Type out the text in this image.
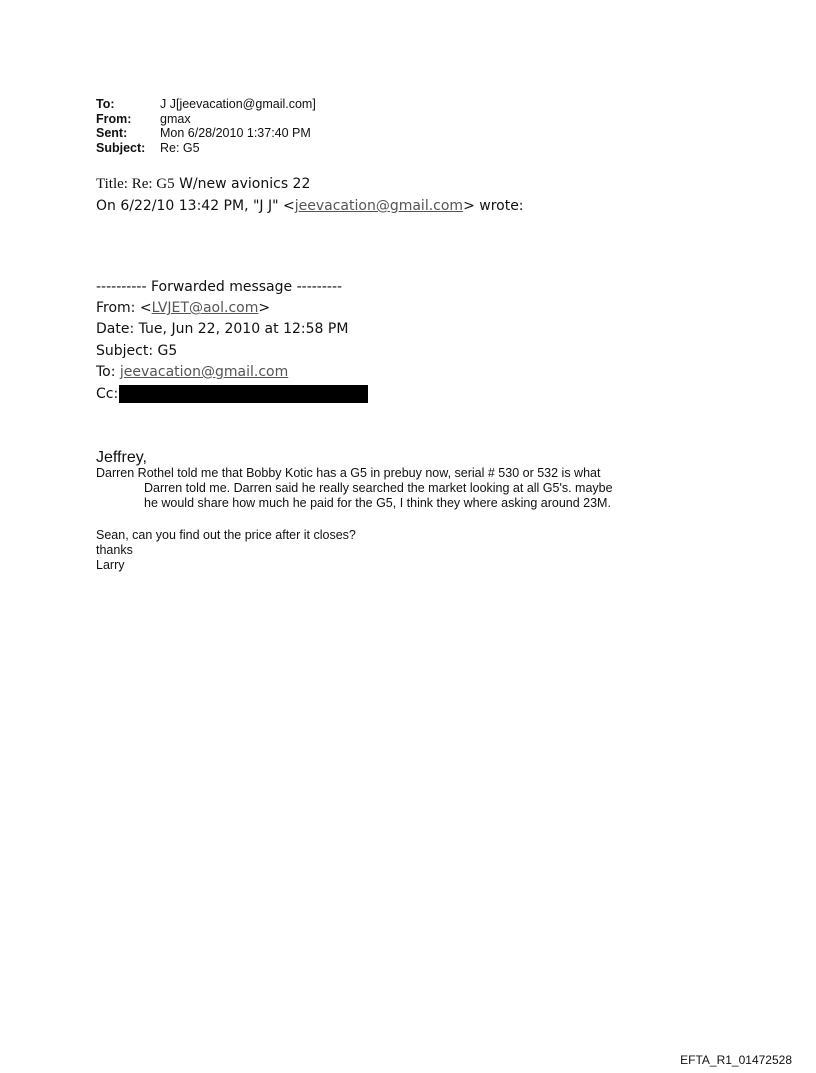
To:	J J[jeevacation@gmail.com]
From:	gmax
Sent:	Mon 6/28/2010 1:37:40 PM
Subject:	Re: G5
Title: Re: G5 W/new avionics 22
On 6/22/10 13:42 PM, "J J" <jeevacation@gmail.com> wrote:
---------- Forwarded message ---------
From: <LVJET@aol.com>
Date: Tue, Jun 22, 2010 at 12:58 PM
Subject: G5
To: jeevacation@gmail.com
Cc:
Jeffrey,
Darren Rothel told me that Bobby Kotic has a G5 in prebuy now, serial # 530 or 532 is what
Darren told me. Darren said he really searched the market looking at all G5's. maybe
he would share how much he paid for the G5, I think they where asking around 23M.
Sean, can you find out the price after it closes?
thanks
Larry
EFTA_R1_01472528
